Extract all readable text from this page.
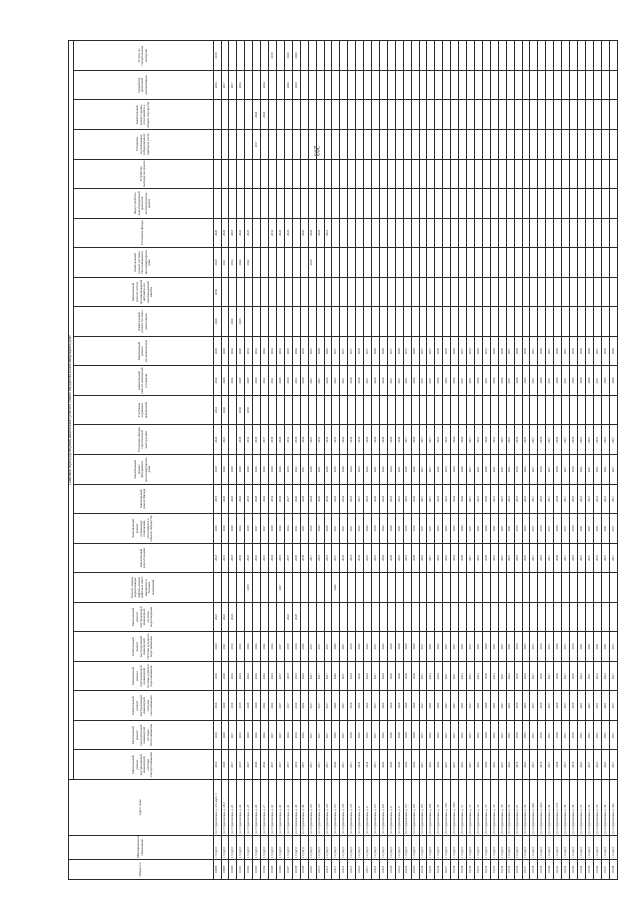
203
Номер п/п	Муниципальное образование	Адрес дома	Плановый период проведения капитального ремонта общего имущества в многоквартирном доме																								
			Капитальный ремонт внутридомовой инженерной системы электроснабжения	Капитальный ремонт внутридомовой инженерной системы теплоснабжения	Капитальный ремонт внутридомовой инженерной системы газоснабжения	Капитальный ремонт внутридомовой инженерной системы горячего водоснабжения	Капитальный ремонт внутридомовой инженерной системы холодного водоснабжения	Капитальный ремонт внутридомовой инженерной системы водоотведения	Ремонт, замена, модернизация лифтов, ремонт лифтовых шахт, машинных и блочных помещений	Капитальный ремонт крыши	Капитальный ремонт подвальных помещений, относящихся к общему имуществу	Капитальный ремонт фасада	Капитальный ремонт фундамента многоквартирного дома	Утепление фасада строительной конструкции	Утепление чердачных перекрытий	Капитальный ремонт помещений в подвалах	Капитальный ремонт мусоропроводов	Капитальный ремонт системы вентиляции	Капитальный ремонт систем противопожарной автоматики и противодымной защиты	Капитальный ремонт системы газоснабжения в многоквартирном доме	Утепление фасада	Переустройство невентилируемой крыши на вентилируемую крышу	Устройство выходов на кровлю	Установка коллективных (общедомовых) приборов учета	Капитальный ремонт крыши, относящейся к общему имуществу	Разработка проектной документации	Услуги по строительному контролю
10098	г. Сургут	ул. Студенческая, д. 3/2, корп. 3	2016	2016	2016	2016	2020	2023		2018	2036	2019	2018	2024	2024	2014	2028	2020	2030	2018	2020					2016	2019
10099	г. Сургут	ул. Студенческая, д. 18/2	2020	2020	2020	2020	2021	2022		2021	2020	2020	2020	2021	2026	2028	2028			2021	2020					2017	
10100	г. Сургут	ул. Студенческая, д. 23	2017	2017	2016	2016	2016	2024		2018	2028	2025	2029			2034	2044	2026		2014	2018					2017	
10101	г. Сургут	ул. Студенческая, д. 24	2015	2015	2015	2023	2023			2030	2024	2026	2028	2030	2030	2029	2029	2025		2024	2024					2016	
10102	г. Сургут	ул. Студенческая, д. 25	2027	2028	2028	2022	2026		2030	2023	2030	2033	2028	2032	2030	2029	2033			2022	2025						
10103	г. Сургут	ул. Студенческая, д. 26	2045	2026	2026	2026	2024			2023	2027	2028	2036	2030		2030	2032							2017	2026		
10104	г. Сургут	ул. Студенческая, д. 27	2042	2042	2042	2042	2042			2021	2027	2026	2025	2037		2032	2044								2026	2024	
10105	г. Сургут	ул. Студенческая, д. 41	2037	2037	2022	2023	2024			2024	2028	2032	2025	2030		2031	2034				2034						2019
10106	г. Сургут	ул. Студенческая, д. 43	2017	2037	2037	2037	2037		2027	2019	2026	2030	2026	2026		2028	2033				2026						
10107	г. Сургут	ул. Студенческая, д. 43	2017	2026	2017	2019	2019	2022		2037	2024	2027	2018	2032		2030	2029				2024					2026	2026
10108	г. Сургут	ул. Студенческая, д. 45	2016	2016	2016	2015	2014	2020		2020	2021	2026	2023	2030		2033	2036									2025	2020
10109	г. Сургут	ул. Студенческая, д. 49	2057	2022	2022	2022	2022			2030	2031	2028	2027	2020		2030	2035				2020						
10110	г. Сургут	ул. Студенческая, д. 4/1	2017	2017	2017	2017	2017			2017	2016	2028	2029	2021		2027	2021			2016	2028						
10111	г. Сургут	ул. Студенческая, д. 4/2	2017	2017	2017	2017	2017			2016	2026	2020	2021	2033		2027	2020				2024						
10112	г. Сургут	ул. Студенческая, д. 4/3	2017	2017	2017	2017	2017			2016	2030	2030	2029	2034		2036	2045				2016						
10113	г. Сургут	ул. Студенческая, д. 5/1	2045	2045	2045	2045	2045		2045	2037	2037	2025	2019	2033		2033	2037										
10114	г. Сургут	ул. Студенческая, д. 5/2	2017	2037	2037	2037	2037			2033	2037	2034	2028	2022		2037	2037										
10115	г. Сургут	ул. Студенческая, д. 5/3	2017	2018	2018	2018	2018			2018	2037	2018	2024	2034		2038	2037										
10116	г. Сургут	ул. Студенческая, д. 6	2032	2032	2032	2032	2032			2032	2032	2027	2023	2018		2038	2038										
10117	г. Сургут	ул. Студенческая, д. 6	2032	2032	2022	2022	2022			2023	2026	2018	2022	2020		2037	2037										
10118	г. Сургут	ул. Студенческая, д. 6/1	2017	2017	2017	2017	2017			2021	2018	2026	2021	2024		2028	2028										
10119	г. Сургут	ул. Студенческая, д. 6/2	2022	2022	2022	2022	2022			2022	2022	2022	2022	2028		2028	2028										
10120	г. Сургут	ул. Студенческая, д. 8	2029	2029	2029	2029	2029			2028	2028	2018	2024	2020		2037	2037										
10121	г. Сургут	ул. Студенческая, д. 8	2020	2020	2020	2020	2020			2021	2021	2021	2021	2028		2037	2028										
10122	г. Сургут	ул. Студенческая, д. 8/1	2020	2020	2020	2020	2020			2019	2019	2019	2019	2017		2031	2031										
10123	г. Сургут	ул. Студенческая, д. 8/2	2020	2020	2020	2020	2020			2020	2016	2020	2022	2020		2028	2028										
10124	г. Сургут	ул. Студенческая, д. 8/3	2017	2017	2017	2017	2017			2022	2017	2017	2017	2017		2037	2037										
10125	г. Сургут	ул. Студенческая, д. 8/4	2021	2021	2021	2021	2021			2017	2017	2017	2017	2017		2037	2037										
10126	г. Сургут	ул. Студенческая, д. 10	2022	2022	2022	2022	2022			2022	2022	2022	2022	2022		2038	2038										
10127	г. Сургут	ул. Студенческая, д. 10/1	2027	2027	2027	2027	2027			2023	2023	2023	2023	2023		2035	2035										
10128	г. Сургут	ул. Студенческая, д. 10/2	2027	2027	2027	2027	2027			2024	2024	2024	2024	2024		2028	2028										
10129	г. Сургут	ул. Студенческая, д. 11	2021	2021	2021	2021	2021			2026	2026	2026	2026	2026		2037	2037										
10130	г. Сургут	ул. Студенческая, д. 12	2017	2017	2017	2017	2017			2017	2017	2017	2017	2017		2031	2031										
10131	г. Сургут	ул. Студенческая, д. 14	2021	2021	2021	2021	2021			2021	2021	2021	2021	2021		2028	2028										
10132	г. Сургут	ул. Студенческая, д. 15	2020	2020	2020	2020	2020			2020	2020	2020	2020	2020		2031	2031										
10133	г. Сургут	ул. Студенческая, д. 16	2021	2021	2021	2021	2021			2021	2021	2021	2021	2021		2028	2028										
10134	г. Сургут	ул. Студенческая, д. 18	2027	2027	2027	2027	2027			2027	2027	2027	2027	2027		2038	2038										
10135	г. Сургут	ул. Студенческая, д. 19	2021	2021	2021	2021	2021			2021	2021	2021	2021	2021		2037	2037										
10136	г. Сургут	ул. Студенческая, д. 21	2019	2019	2019	2019	2019			2019	2019	2019	2019	2019		2038	2038										
10137	г. Сургут	ул. Студенческая, д. 22	2023	2023	2023	2023	2023			2023	2023	2023	2023	2023		2035	2035										
10138	г. Сургут	ул. Студенческая, д. 24/1	2017	2017	2017	2017	2017			2017	2017	2017	2017	2017		2027	2027										
10139	г. Сургут	ул. Студенческая, д. 24/2	2019	2019	2019	2019	2019			2019	2019	2019	2019	2019		2028	2028										
10140	г. Сургут	ул. Студенческая, д. 26	2017	2017	2017	2017	2017			2017	2017	2017	2017	2017		2037	2037										
10141	г. Сургут	ул. Студенческая, д. 27/1	2028	2028	2028	2028	2028			2028	2028	2028	2028	2028		2028	2028										
10142	г. Сургут	ул. Студенческая, д. 28	2017	2017	2017	2017	2017			2017	2017	2017	2017	2017		2037	2037										
10143	г. Сургут	ул. Студенческая, д. 30	2019	2019	2019	2019	2019			2019	2019	2019	2019	2019		2035	2035										
10144	г. Сургут	ул. Студенческая, д. 31	2021	2021	2021	2021	2021			2021	2021	2021	2021	2021		2030	2030										
10145	г. Сургут	ул. Студенческая, д. 32	2027	2027	2027	2027	2027			2027	2027	2027	2027	2027		2028	2028										
10146	г. Сургут	ул. Студенческая, д. 33	2031	2031	2031	2031	2031			2031	2031	2031	2031	2031		2037	2037										
10147	г. Сургут	ул. Студенческая, д. 34	2021	2021	2021	2021	2021			2021	2021	2021	2021	2021		2035	2035										
10148	г. Сургут	ул. Студенческая, д. 34а	2017	2017	2017	2017	2017			2017	2017	2017	2017	2017		2028	2028										
